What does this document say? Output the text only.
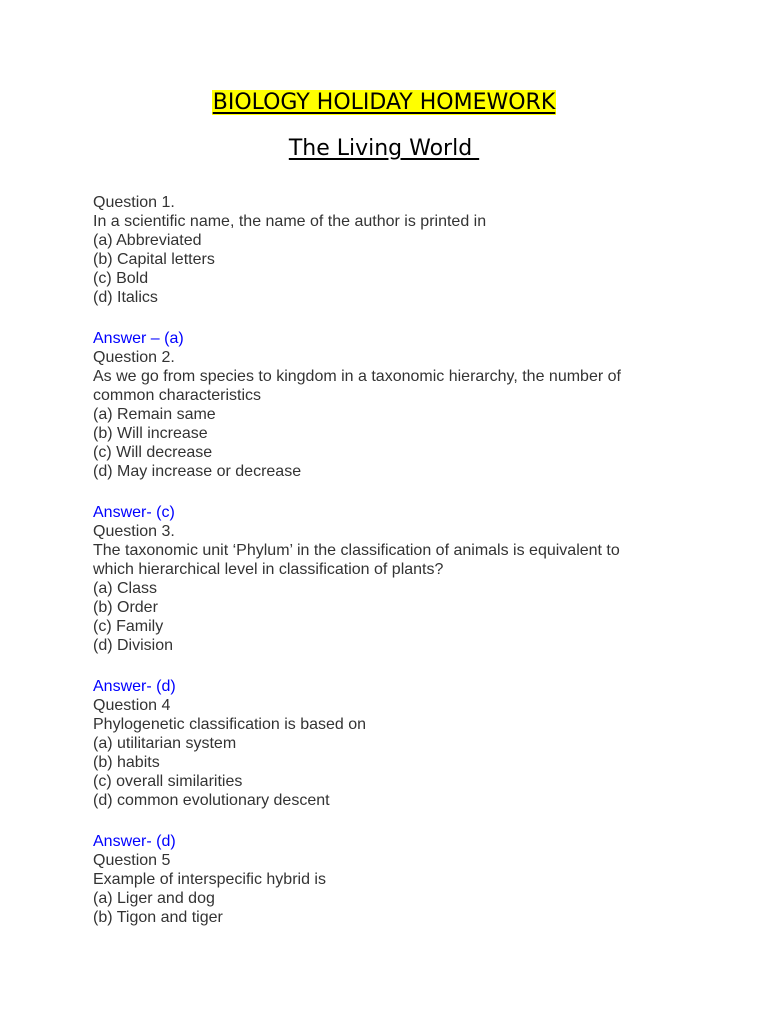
BIOLOGY HOLIDAY HOMEWORK
The Living World
Question 1.
In a scientific name, the name of the author is printed in
(a) Abbreviated
(b) Capital letters
(c) Bold
(d) Italics
Answer – (a)
Question 2.
As we go from species to kingdom in a taxonomic hierarchy, the number of
common characteristics
(a) Remain same
(b) Will increase
(c) Will decrease
(d) May increase or decrease
Answer- (c)
Question 3.
The taxonomic unit ‘Phylum’ in the classification of animals is equivalent to
which hierarchical level in classification of plants?
(a) Class
(b) Order
(c) Family
(d) Division
Answer- (d)
Question 4
Phylogenetic classification is based on
(a) utilitarian system
(b) habits
(c) overall similarities
(d) common evolutionary descent
Answer- (d)
Question 5
Example of interspecific hybrid is
(a) Liger and dog
(b) Tigon and tiger
